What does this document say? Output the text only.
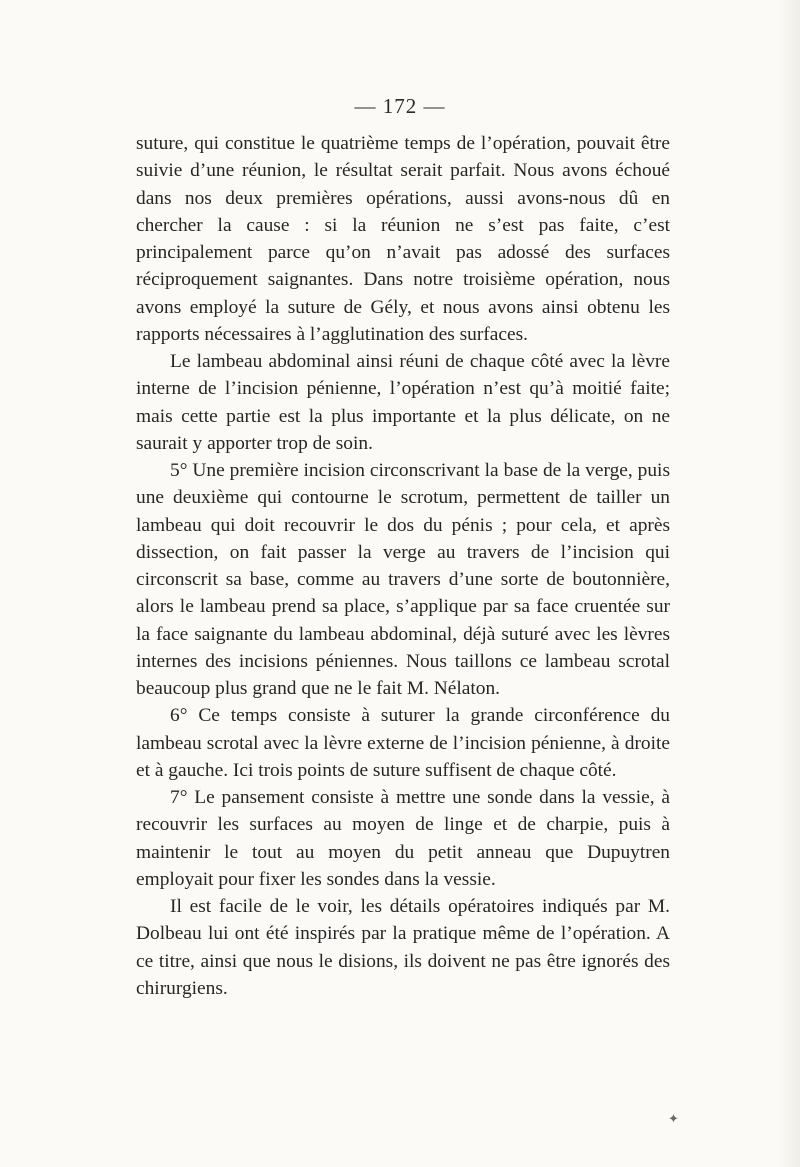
— 172 —

suture, qui constitue le quatrième temps de l’opération, pouvait être suivie d’une réunion, le résultat serait parfait. Nous avons échoué dans nos deux premières opérations, aussi avons-nous dû en chercher la cause : si la réunion ne s’est pas faite, c’est principalement parce qu’on n’avait pas adossé des surfaces réciproquement saignantes. Dans notre troisième opération, nous avons employé la suture de Gély, et nous avons ainsi obtenu les rapports nécessaires à l’agglutination des surfaces.

Le lambeau abdominal ainsi réuni de chaque côté avec la lèvre interne de l’incision pénienne, l’opération n’est qu’à moitié faite; mais cette partie est la plus importante et la plus délicate, on ne saurait y apporter trop de soin.

5° Une première incision circonscrivant la base de la verge, puis une deuxième qui contourne le scrotum, permettent de tailler un lambeau qui doit recouvrir le dos du pénis ; pour cela, et après dissection, on fait passer la verge au travers de l’incision qui circonscrit sa base, comme au travers d’une sorte de boutonnière, alors le lambeau prend sa place, s’applique par sa face cruentée sur la face saignante du lambeau abdominal, déjà suturé avec les lèvres internes des incisions péniennes. Nous taillons ce lambeau scrotal beaucoup plus grand que ne le fait M. Nélaton.

6° Ce temps consiste à suturer la grande circonférence du lambeau scrotal avec la lèvre externe de l’incision pénienne, à droite et à gauche. Ici trois points de suture suffisent de chaque côté.

7° Le pansement consiste à mettre une sonde dans la vessie, à recouvrir les surfaces au moyen de linge et de charpie, puis à maintenir le tout au moyen du petit anneau que Dupuytren employait pour fixer les sondes dans la vessie.

Il est facile de le voir, les détails opératoires indiqués par M. Dolbeau lui ont été inspirés par la pratique même de l’opération. A ce titre, ainsi que nous le disions, ils doivent ne pas être ignorés des chirurgiens.

✦
